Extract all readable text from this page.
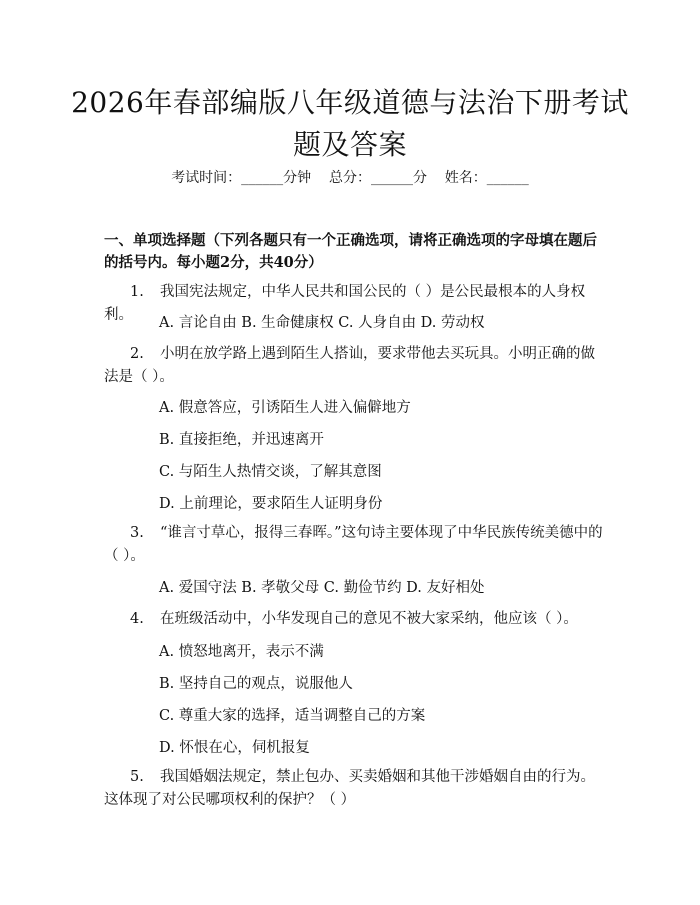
2026年春部编版八年级道德与法治下册考试题及答案
考试时间：______分钟    总分：______分    姓名：______
一、单项选择题（下列各题只有一个正确选项，请将正确选项的字母填在题后的括号内。每小题2分，共40分）
1. 我国宪法规定，中华人民共和国公民的（ ）是公民最根本的人身权利。	A. 言论自由 B. 生命健康权 C. 人身自由 D. 劳动权
2. 小明在放学路上遇到陌生人搭讪，要求带他去买玩具。小明正确的做法是（ ）。
A. 假意答应，引诱陌生人进入偏僻地方
B. 直接拒绝，并迅速离开
C. 与陌生人热情交谈，了解其意图
D. 上前理论，要求陌生人证明身份
3. “谁言寸草心，报得三春晖。”这句诗主要体现了中华民族传统美德中的（ ）。
A. 爱国守法 B. 孝敬父母 C. 勤俭节约 D. 友好相处
4. 在班级活动中，小华发现自己的意见不被大家采纳，他应该（ ）。
A. 愤怒地离开，表示不满
B. 坚持自己的观点，说服他人
C. 尊重大家的选择，适当调整自己的方案
D. 怀恨在心，伺机报复
5. 我国婚姻法规定，禁止包办、买卖婚姻和其他干涉婚姻自由的行为。这体现了对公民哪项权利的保护？（ ）
